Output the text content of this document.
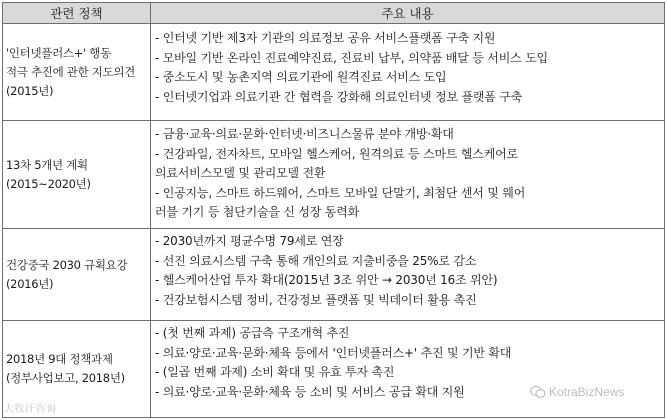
관련 정책	주요 내용
'인터넷플러스+' 행동
적극 추진에 관한 지도의견
(2015년)	- 인터넷 기반 제3자 기관의 의료정보 공유 서비스플랫폼 구축 지원
- 모바일 기반 온라인 진료예약진료, 진료비 납부, 의약품 배달 등 서비스 도입
- 중소도시 및 농촌지역 의료기관에 원격진료 서비스 도입
- 인터넷기업과 의료기관 간 협력을 강화해 의료인터넷 정보 플랫폼 구축

13차 5개년 계획
(2015~2020년)	- 금융·교육·의료·문화·인터넷·비즈니스물류 분야 개방·확대
- 건강파일, 전자차트, 모바일 헬스케어, 원격의료 등 스마트 헬스케어로
의료서비스모델 및 관리모델 전환
- 인공지능, 스마트 하드웨어, 스마트 모바일 단말기, 최첨단 센서 및 웨어
러블 기기 등 첨단기술을 신 성장 동력화

건강중국 2030 규획요강
(2016년)	- 2030년까지 평균수명 79세로 연장
- 선진 의료시스템 구축 통해 개인의료 지출비중을 25%로 감소
- 헬스케어산업 투자 확대(2015년 3조 위안 → 2030년 16조 위안)
- 건강보험시스템 정비, 건강정보 플랫폼 및 빅데이터 활용 촉진

2018년 9대 정책과제
(정부사업보고, 2018년)	- (첫 번째 과제) 공급측 구조개혁 추진
- 의료·양로·교육·문화·체육 등에서 '인터넷플러스+' 추진 및 기반 확대
- (일곱 번째 과제) 소비 확대 및 유효 투자 촉진
- 의료·양로·교육·문화·체육 등 소비 및 서비스 공급 확대 지원
大牧汗咨询
KotraBizNews
